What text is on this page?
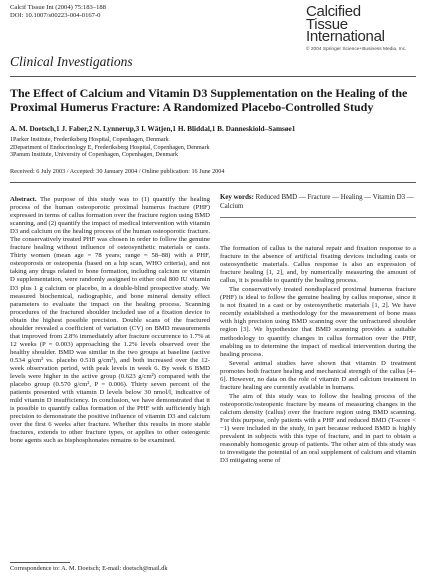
Calcif Tissue Int (2004) 75:183–188
DOI: 10.1007/s00223-004-0167-0	Calcified
Tissue
International
© 2004 Springer Science+Business Media, Inc.
Clinical Investigations
The Effect of Calcium and Vitamin D3 Supplementation on the Healing of the Proximal Humerus Fracture: A Randomized Placebo-Controlled Study
A. M. Doetsch,1 J. Faber,2 N. Lynnerup,3 I. Wätjen,1 H. Bliddal,1 B. Danneskiold–Samsøe1
1Parker Institute, Frederiksberg Hospital, Copenhagen, Denmark
2Department of Endocrinology E, Frederiksberg Hospital, Copenhagen, Denmark
3Panum Institute, University of Copenhagen, Copenhagen, Denmark
Received: 6 July 2003 / Accepted: 30 January 2004 / Online publication: 16 June 2004
Abstract. The purpose of this study was to (1) quantify the healing process of the human osteoporotic proximal humerus fracture (PHF) expressed in terms of callus formation over the fracture region using BMD scanning, and (2) quantify the impact of medical intervention with vitamin D3 and calcium on the healing process of the human osteoporotic fracture. The conservatively treated PHF was chosen in order to follow the genuine fracture healing without influence of osteosynthetic materials or casts. Thirty women (mean age = 78 years; range = 58–88) with a PHF, osteoporosis or osteopenia (based on a hip scan, WHO criteria), and not taking any drugs related to bone formation, including calcium or vitamin D supplementation, were randomly assigned to either oral 800 IU vitamin D3 plus 1 g calcium or placebo, in a double-blind prospective study. We measured biochemical, radiographic, and bone mineral density effect parameters to evaluate the impact on the healing process. Scanning procedures of the fractured shoulder included use of a fixation device to obtain the highest possible precision. Double scans of the fractured shoulder revealed a coefficient of variation (CV) on BMD measurements that improved from 2.8% immediately after fracture occurrence to 1.7% at 12 weeks (P = 0.003) approaching the 1.2% levels observed over the healthy shoulder. BMD was similar in the two groups at baseline (active 0.534 g/cm² vs. placebo 0.518 g/cm²), and both increased over the 12-week observation period, with peak levels in week 6. By week 6 BMD levels were higher in the active group (0.623 g/cm²) compared with the placebo group (0.570 g/cm², P = 0.006). Thirty seven percent of the patients presented with vitamin D levels below 30 nmol/l, indicative of mild vitamin D insufficiency. In conclusion, we have demonstrated that it is possible to quantify callus formation of the PHF with sufficiently high precision to demonstrate the positive influence of vitamin D3 and calcium over the first 6 weeks after fracture. Whether this results in more stable fractures, extends to other fracture types, or applies to other osteogenic bone agents such as bisphosphonates remains to be examined.
Key words: Reduced BMD — Fracture — Healing — Vitamin D3 — Calcium

The formation of callus is the natural repair and fixation response to a fracture in the absence of artificial fixating devices including casts or osteosynthetic materials. Callus response is also an expression of fracture healing [1, 2], and, by numerically measuring the amount of callus, it is possible to quantify the healing process.

The conservatively treated nondisplaced proximal humerus fracture (PHF) is ideal to follow the genuine healing by callus response, since it is not fixated in a cast or by osteosynthetic materials [1, 2]. We have recently established a methodology for the measurement of bone mass with high precision using BMD scanning over the unfractured shoulder region [3]. We hypothesize that BMD scanning provides a suitable methodology to quantify changes in callus formation over the PHF, enabling us to determine the impact of medical intervention during the healing process.

Several animal studies have shown that vitamin D treatment promotes both fracture healing and mechanical strength of the callus [4–6]. However, no data on the role of vitamin D and calcium treatment in fracture healing are currently available in humans.

The aim of this study was to follow the healing process of the osteoporotic/osteopenic fracture by means of measuring changes in the calcium density (callus) over the fracture region using BMD scanning. For this purpose, only patients with a PHF and reduced BMD (T-score < −1) were included in the study, in part because reduced BMD is highly prevalent in subjects with this type of fracture, and in part to obtain a reasonably homogenic group of patients. The other aim of this study was to investigate the potential of an oral supplement of calcium and vitamin D3 mitigating some of

Correspondence to: A. M. Doetsch; E-mail: doetsch@mail.dk
